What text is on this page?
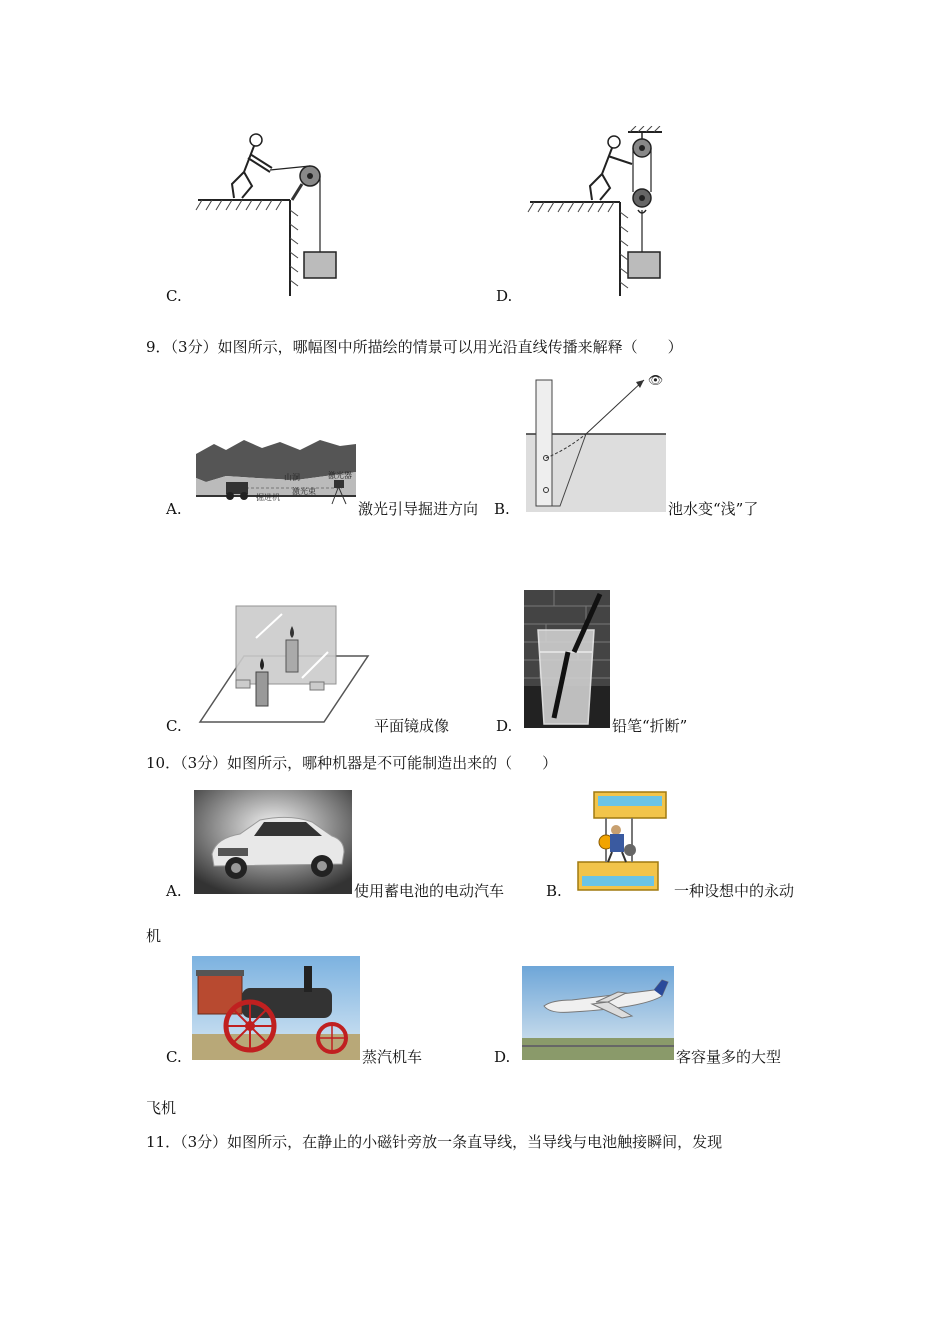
C.	D.
9．（3分）如图所示，哪幅图中所描绘的情景可以用光沿直线传播来解释（　　）
山洞	激光器
激光束
掘进机
A.	激光引导掘进方向
👁
B.	池水变“浅”了
C.	平面镜成像	D.	铅笔“折断”
10．（3分）如图所示，哪种机器是不可能制造出来的（　　）
A.	使用蓄电池的电动汽车	B.	一种设想中的永动
机
C.	蒸汽机车	D.	客容量多的大型
飞机
11．（3分）如图所示，在静止的小磁针旁放一条直导线，当导线与电池触接瞬间，发现
